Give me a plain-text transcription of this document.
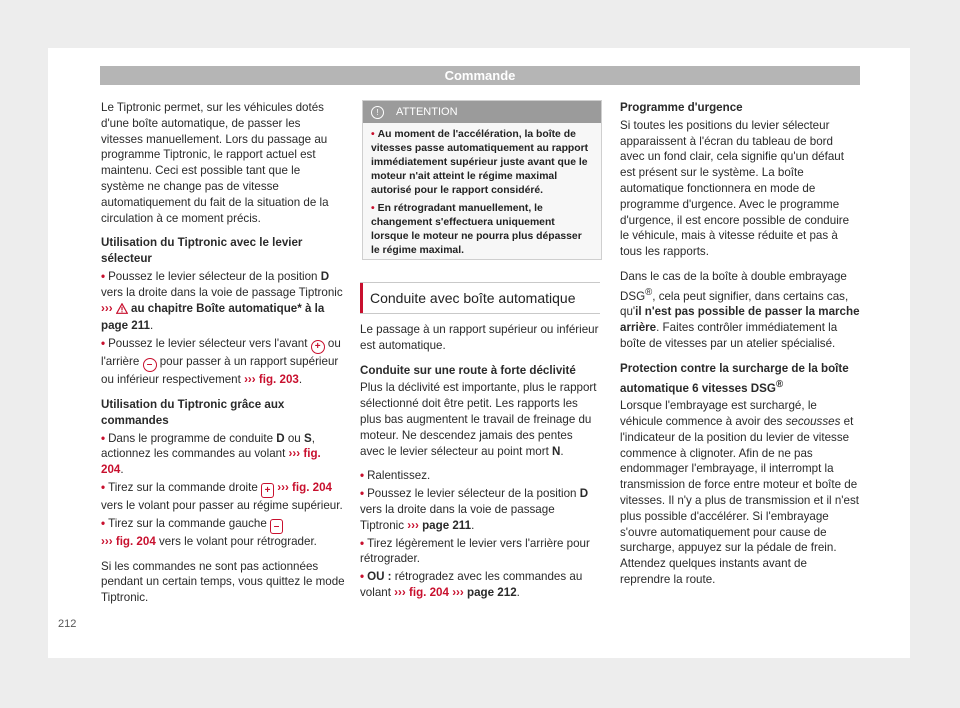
Commande

Le Tiptronic permet, sur les véhicules dotés d'une boîte automatique, de passer les vitesses manuellement. Lors du passage au programme Tiptronic, le rapport actuel est maintenu. Ceci est possible tant que le système ne change pas de vitesse automatiquement du fait de la situation de la circulation à ce moment précis.

Utilisation du Tiptronic avec le levier sélecteur
• Poussez le levier sélecteur de la position D vers la droite dans la voie de passage Tiptronic ›››  au chapitre Boîte automatique* à la page 211.
• Poussez le levier sélecteur vers l'avant + ou l'arrière – pour passer à un rapport supérieur ou inférieur respectivement ››› fig. 203.
Utilisation du Tiptronic grâce aux commandes
• Dans le programme de conduite D ou S, actionnez les commandes au volant ››› fig. 204.
• Tirez sur la commande droite + ››› fig. 204 vers le volant pour passer au régime supérieur.
• Tirez sur la commande gauche –
››› fig. 204 vers le volant pour rétrograder.

Si les commandes ne sont pas actionnées pendant un certain temps, vous quittez le mode Tiptronic.

! ATTENTION
• Au moment de l'accélération, la boîte de vitesses passe automatiquement au rapport immédiatement supérieur juste avant que le moteur n'ait atteint le régime maximal autorisé pour le rapport considéré.
• En rétrogradant manuellement, le changement s'effectuera uniquement lorsque le moteur ne pourra plus dépasser le régime maximal.
Conduite avec boîte automatique

Le passage à un rapport supérieur ou inférieur est automatique.

Conduite sur une route à forte déclivité

Plus la déclivité est importante, plus le rapport sélectionné doit être petit. Les rapports les plus bas augmentent le travail de freinage du moteur. Ne descendez jamais des pentes avec le levier sélecteur au point mort N.

• Ralentissez.
• Poussez le levier sélecteur de la position D vers la droite dans la voie de passage Tiptronic ››› page 211.
• Tirez légèrement le levier vers l'arrière pour rétrograder.
• OU : rétrogradez avec les commandes au volant ››› fig. 204 ››› page 212.
Programme d'urgence

Si toutes les positions du levier sélecteur apparaissent à l'écran du tableau de bord avec un fond clair, cela signifie qu'un défaut est présent sur le système. La boîte automatique fonctionnera en mode de programme d'urgence. Avec le programme d'urgence, il est encore possible de conduire le véhicule, mais à vitesse réduite et pas à tous les rapports.

Dans le cas de la boîte à double embrayage DSG®, cela peut signifier, dans certains cas, qu'il n'est pas possible de passer la marche arrière. Faites contrôler immédiatement la boîte de vitesses par un atelier spécialisé.

Protection contre la surcharge de la boîte automatique 6 vitesses DSG®

Lorsque l'embrayage est surchargé, le véhicule commence à avoir des secousses et l'indicateur de la position du levier de vitesse commence à clignoter. Afin de ne pas endommager l'embrayage, il interrompt la transmission de force entre moteur et boîte de vitesses. Il n'y a plus de transmission et il n'est plus possible d'accélérer. Si l'embrayage s'ouvre automatiquement pour cause de surcharge, appuyez sur la pédale de frein. Attendez quelques instants avant de reprendre la route.

212
